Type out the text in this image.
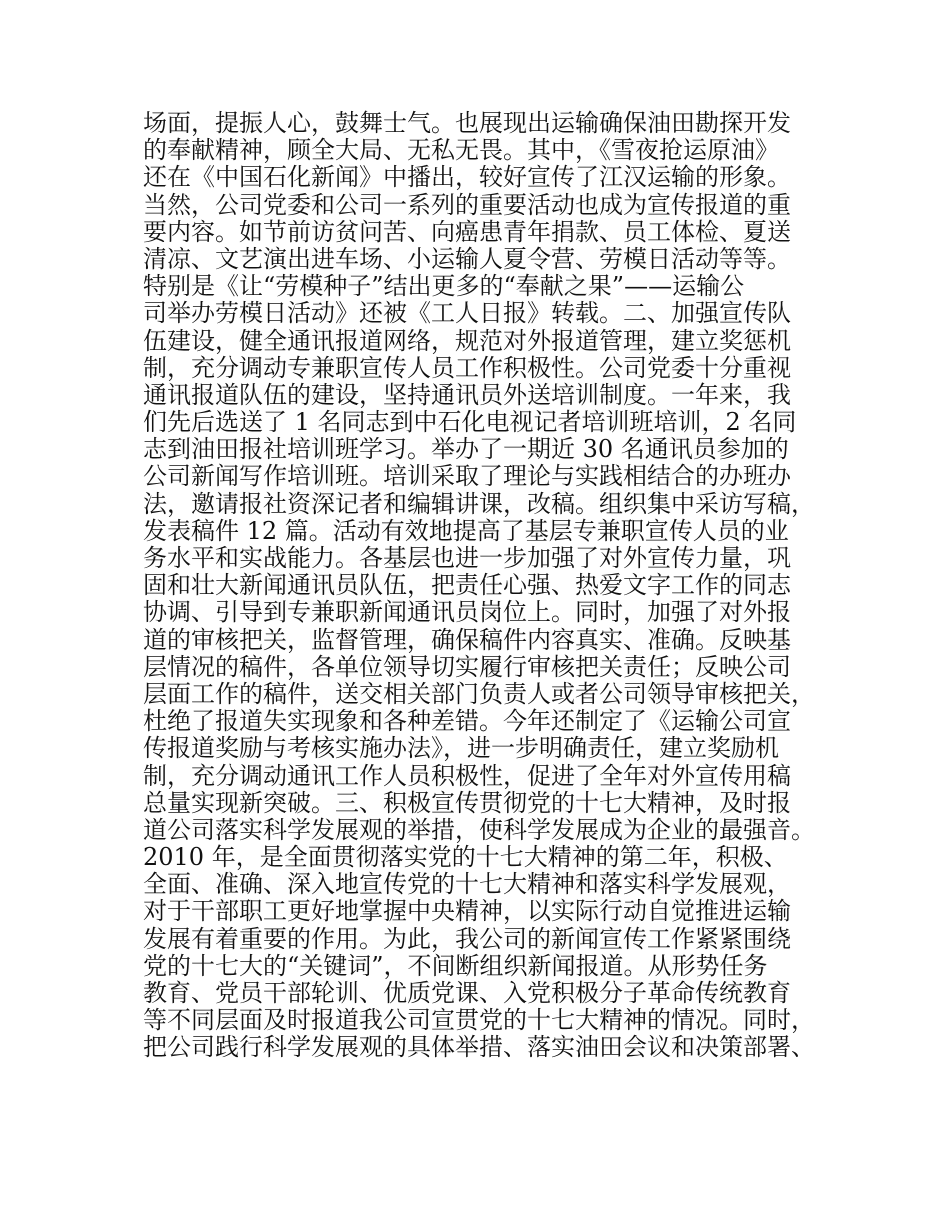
场面，提振人心，鼓舞士气。也展现出运输确保油田勘探开发
的奉献精神，顾全大局、无私无畏。其中，《雪夜抢运原油》
还在《中国石化新闻》中播出，较好宣传了江汉运输的形象。
当然，公司党委和公司一系列的重要活动也成为宣传报道的重
要内容。如节前访贫问苦、向癌患青年捐款、员工体检、夏送
清凉、文艺演出进车场、小运输人夏令营、劳模日活动等等。
特别是《让“劳模种子”结出更多的“奉献之果”——运输公
司举办劳模日活动》还被《工人日报》转载。二、加强宣传队
伍建设，健全通讯报道网络，规范对外报道管理，建立奖惩机
制，充分调动专兼职宣传人员工作积极性。公司党委十分重视
通讯报道队伍的建设，坚持通讯员外送培训制度。一年来，我
们先后选送了 1 名同志到中石化电视记者培训班培训，2 名同
志到油田报社培训班学习。举办了一期近 30 名通讯员参加的
公司新闻写作培训班。培训采取了理论与实践相结合的办班办
法，邀请报社资深记者和编辑讲课，改稿。组织集中采访写稿，
发表稿件 12 篇。活动有效地提高了基层专兼职宣传人员的业
务水平和实战能力。各基层也进一步加强了对外宣传力量，巩
固和壮大新闻通讯员队伍，把责任心强、热爱文字工作的同志
协调、引导到专兼职新闻通讯员岗位上。同时，加强了对外报
道的审核把关，监督管理，确保稿件内容真实、准确。反映基
层情况的稿件，各单位领导切实履行审核把关责任；反映公司
层面工作的稿件，送交相关部门负责人或者公司领导审核把关，
杜绝了报道失实现象和各种差错。今年还制定了《运输公司宣
传报道奖励与考核实施办法》，进一步明确责任，建立奖励机
制，充分调动通讯工作人员积极性，促进了全年对外宣传用稿
总量实现新突破。三、积极宣传贯彻党的十七大精神，及时报
道公司落实科学发展观的举措，使科学发展成为企业的最强音。
2010 年，是全面贯彻落实党的十七大精神的第二年，积极、
全面、准确、深入地宣传党的十七大精神和落实科学发展观，
对于干部职工更好地掌握中央精神，以实际行动自觉推进运输
发展有着重要的作用。为此，我公司的新闻宣传工作紧紧围绕
党的十七大的“关键词”，不间断组织新闻报道。从形势任务
教育、党员干部轮训、优质党课、入党积极分子革命传统教育
等不同层面及时报道我公司宣贯党的十七大精神的情况。同时，
把公司践行科学发展观的具体举措、落实油田会议和决策部署、
